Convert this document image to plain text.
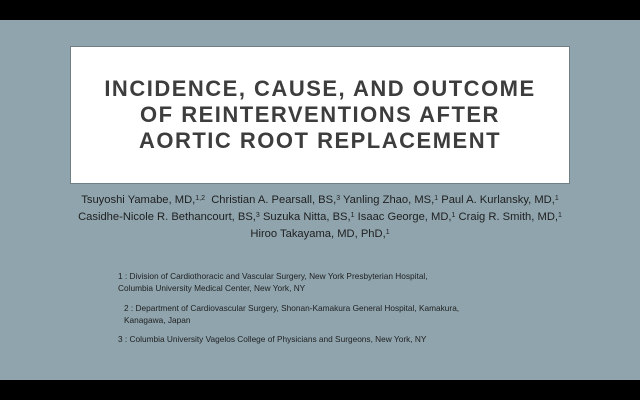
INCIDENCE, CAUSE, AND OUTCOME
OF REINTERVENTIONS AFTER
AORTIC ROOT REPLACEMENT
Tsuyoshi Yamabe, MD,$^{1,2}$ Christian A. Pearsall, BS,$^3$ Yanling Zhao, MS,$^1$ Paul A. Kurlansky, MD,$^1$
Casidhe-Nicole R. Bethancourt, BS,$^3$ Suzuka Nitta, BS,$^1$ Isaac George, MD,$^1$ Craig R. Smith, MD,$^1$
Hiroo Takayama, MD, PhD,$^1$
1 : Division of Cardiothoracic and Vascular Surgery, New York Presbyterian Hospital,
Columbia University Medical Center, New York, NY
2 : Department of Cardiovascular Surgery, Shonan-Kamakura General Hospital, Kamakura,
Kanagawa, Japan
3 : Columbia University Vagelos College of Physicians and Surgeons, New York, NY
